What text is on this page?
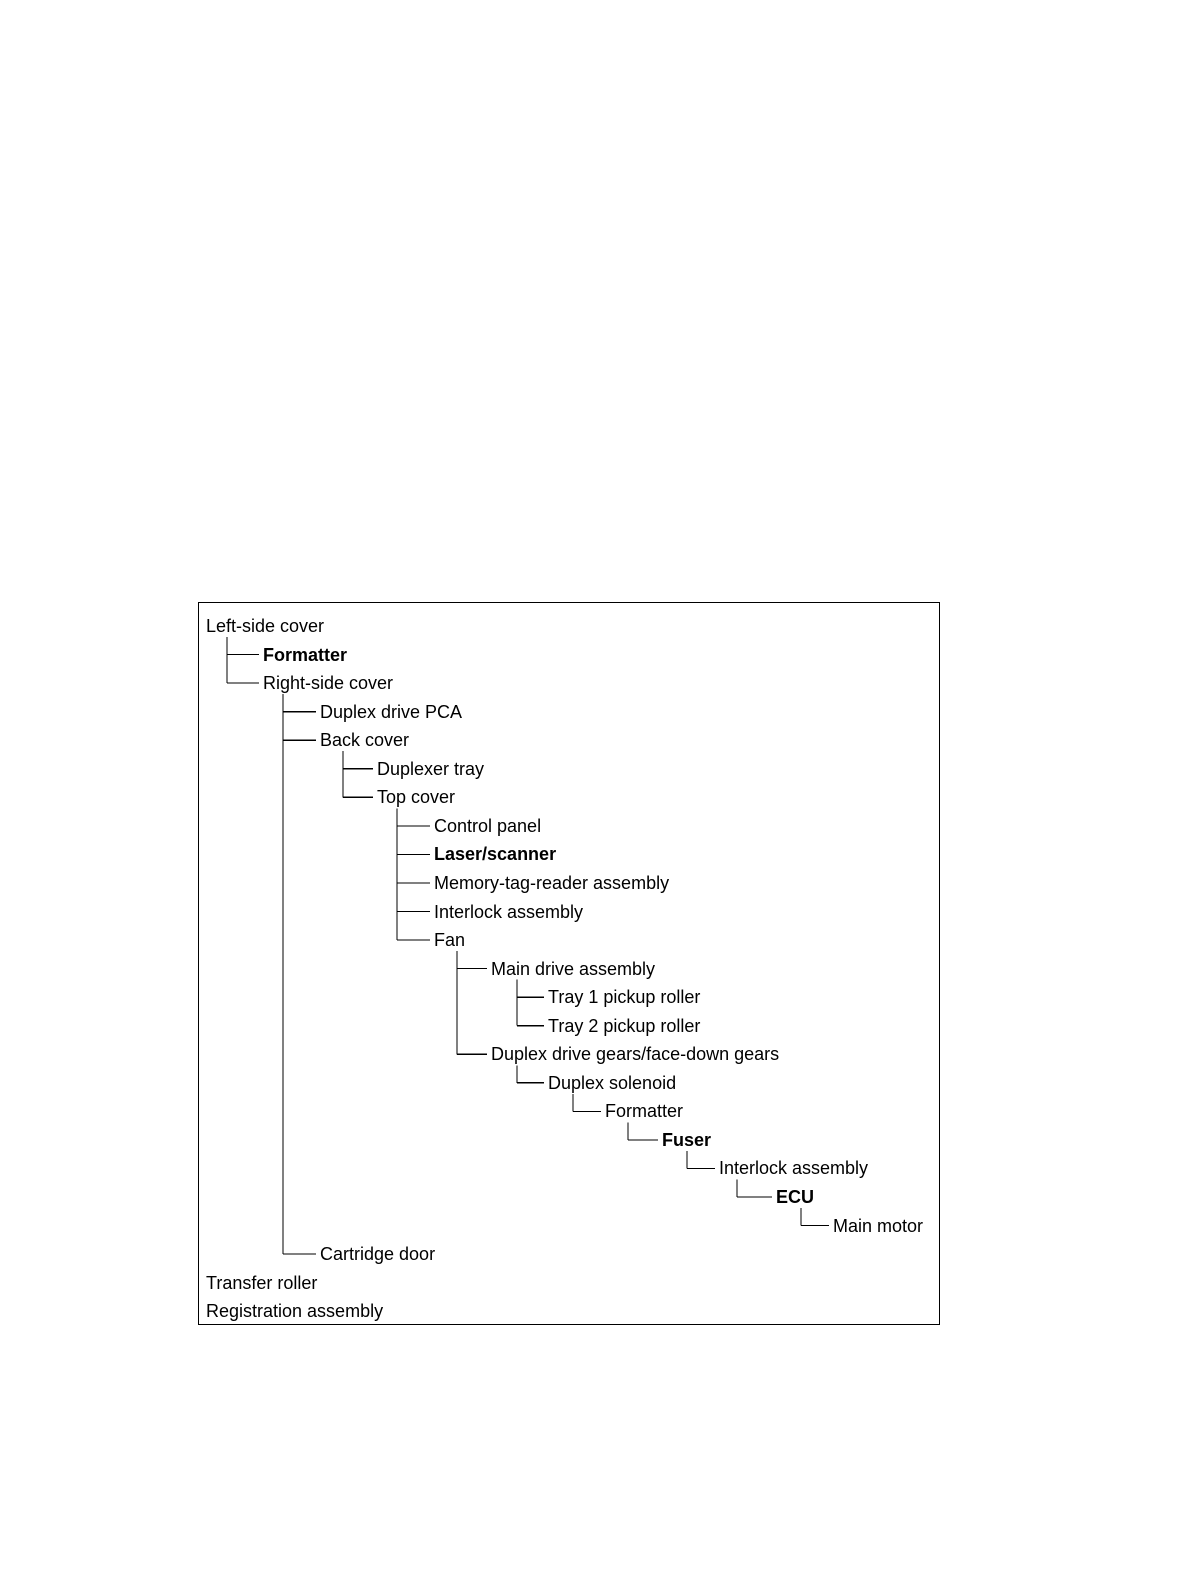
Left-side cover
Formatter
Right-side cover
Duplex drive PCA
Back cover
Duplexer tray
Top cover
Control panel
Laser/scanner
Memory-tag-reader assembly
Interlock assembly
Fan
Main drive assembly
Tray 1 pickup roller
Tray 2 pickup roller
Duplex drive gears/face-down gears
Duplex solenoid
Formatter
Fuser
Interlock assembly
ECU
Main motor
Cartridge door
Transfer roller
Registration assembly
